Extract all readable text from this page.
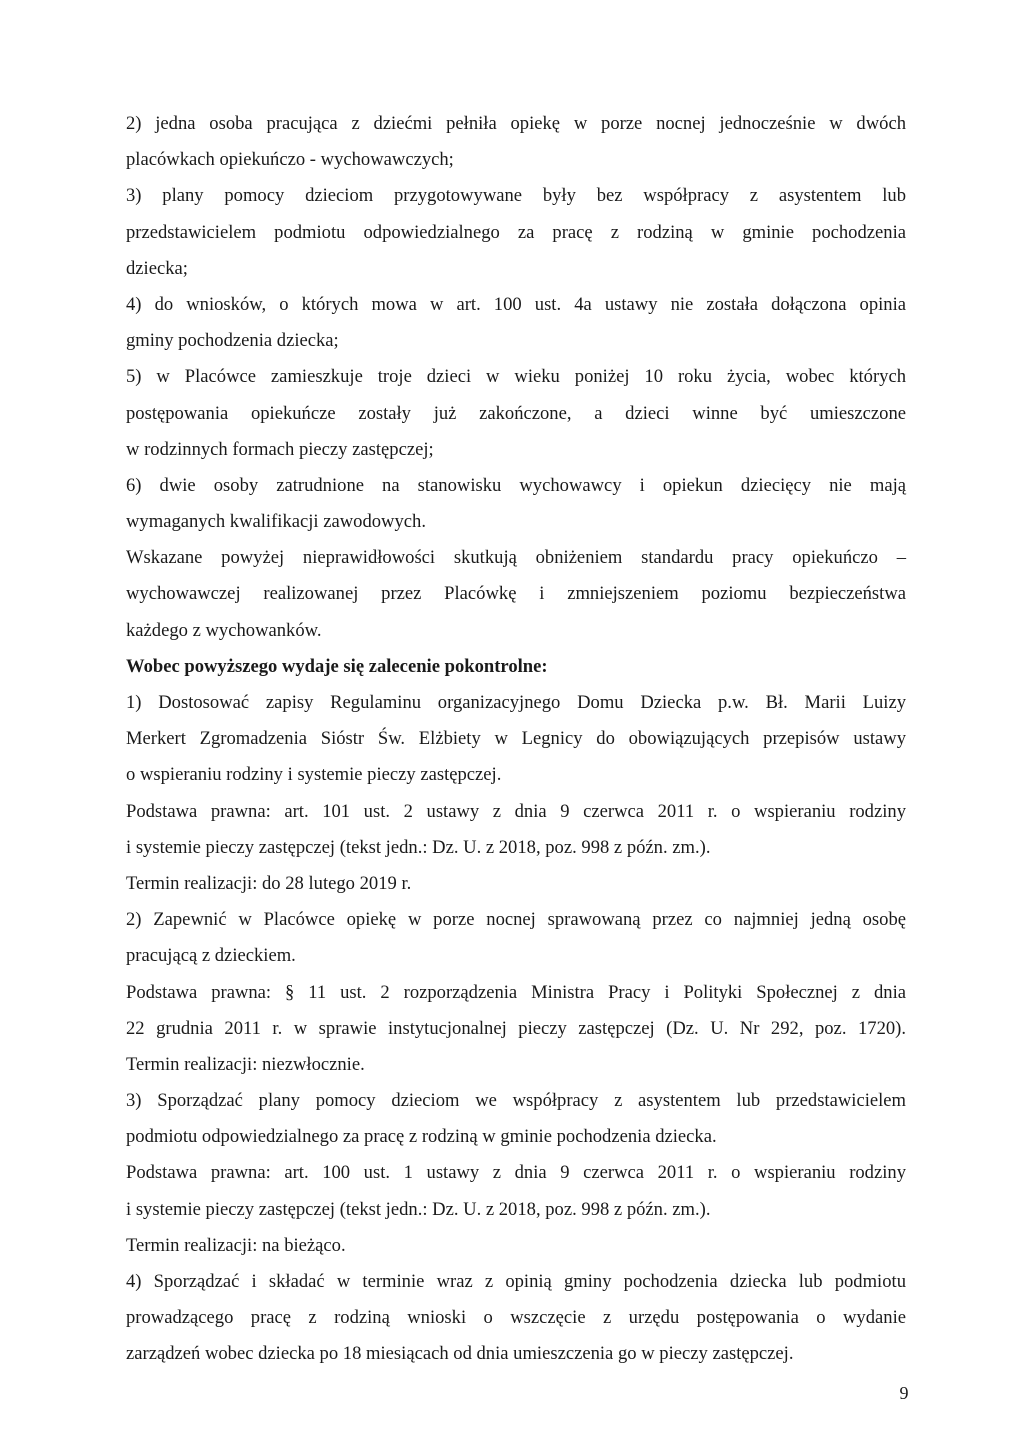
2) jedna osoba pracująca z dziećmi pełniła opiekę w porze nocnej jednocześnie w dwóch
placówkach opiekuńczo - wychowawczych;
3) plany pomocy dzieciom przygotowywane były bez współpracy z asystentem lub
przedstawicielem podmiotu odpowiedzialnego za pracę z rodziną w gminie pochodzenia
dziecka;
4) do wniosków, o których mowa w art. 100 ust. 4a ustawy nie została dołączona opinia
gminy pochodzenia dziecka;
5) w Placówce zamieszkuje troje dzieci w wieku poniżej 10 roku życia, wobec których
postępowania opiekuńcze zostały już zakończone, a dzieci winne być umieszczone
w rodzinnych formach pieczy zastępczej;
6) dwie osoby zatrudnione na stanowisku wychowawcy i opiekun dziecięcy nie mają
wymaganych kwalifikacji zawodowych.
Wskazane powyżej nieprawidłowości skutkują obniżeniem standardu pracy opiekuńczo –
wychowawczej realizowanej przez Placówkę i zmniejszeniem poziomu bezpieczeństwa
każdego z wychowanków.
Wobec powyższego wydaje się zalecenie pokontrolne:
1) Dostosować zapisy Regulaminu organizacyjnego Domu Dziecka p.w. Bł. Marii Luizy
Merkert Zgromadzenia Sióstr Św. Elżbiety w Legnicy do obowiązujących przepisów ustawy
o wspieraniu rodziny i systemie pieczy zastępczej.
Podstawa prawna: art. 101 ust. 2 ustawy z dnia 9 czerwca 2011 r. o wspieraniu rodziny
i systemie pieczy zastępczej (tekst jedn.: Dz. U. z 2018, poz. 998 z późn. zm.).
Termin realizacji: do 28 lutego 2019 r.
2) Zapewnić w Placówce opiekę w porze nocnej sprawowaną przez co najmniej jedną osobę
pracującą z dzieckiem.
Podstawa prawna: § 11 ust. 2 rozporządzenia Ministra Pracy i Polityki Społecznej z dnia
22 grudnia 2011 r. w sprawie instytucjonalnej pieczy zastępczej (Dz. U. Nr 292, poz. 1720).
Termin realizacji: niezwłocznie.
3) Sporządzać plany pomocy dzieciom we współpracy z asystentem lub przedstawicielem
podmiotu odpowiedzialnego za pracę z rodziną w gminie pochodzenia dziecka.
Podstawa prawna: art. 100 ust. 1 ustawy z dnia 9 czerwca 2011 r. o wspieraniu rodziny
i systemie pieczy zastępczej (tekst jedn.: Dz. U. z 2018, poz. 998 z późn. zm.).
Termin realizacji: na bieżąco.
4) Sporządzać i składać w terminie wraz z opinią gminy pochodzenia dziecka lub podmiotu
prowadzącego pracę z rodziną wnioski o wszczęcie z urzędu postępowania o wydanie
zarządzeń wobec dziecka po 18 miesiącach od dnia umieszczenia go w pieczy zastępczej.
9
